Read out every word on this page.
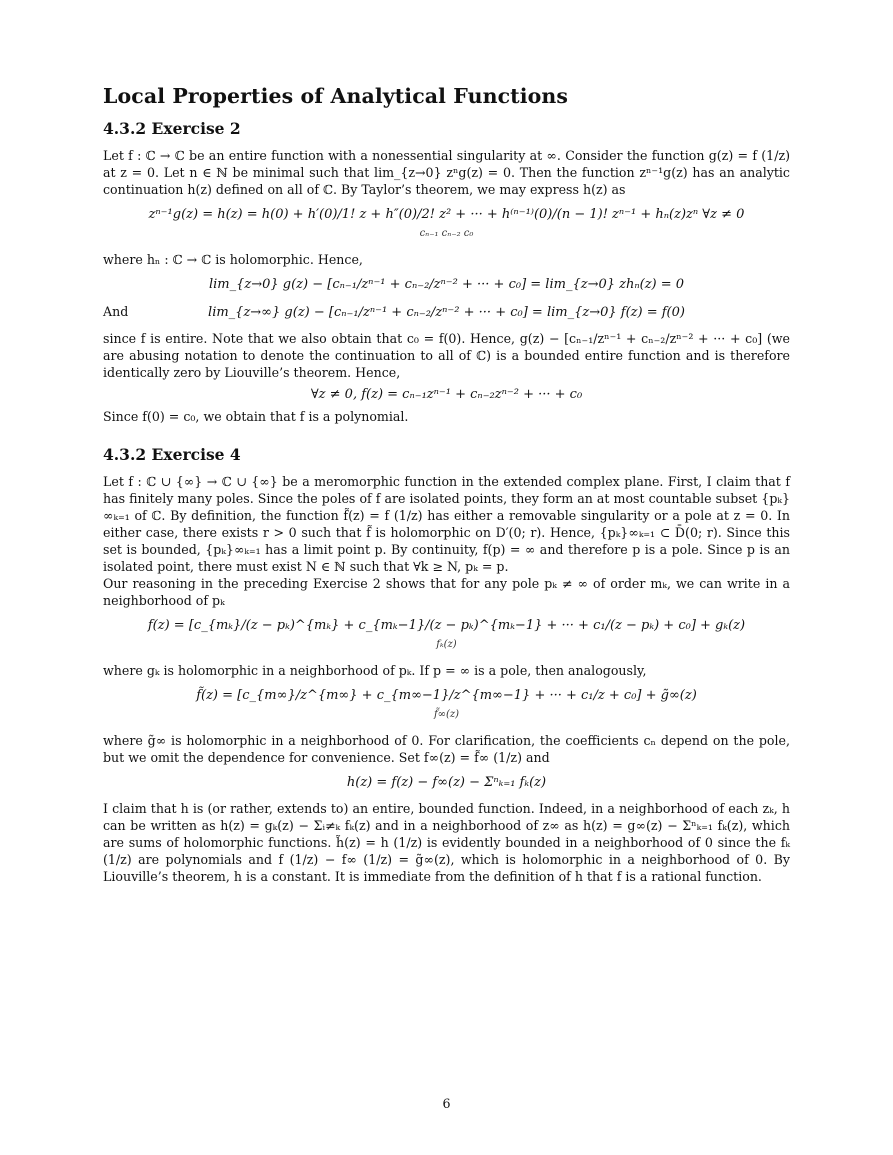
Local Properties of Analytical Functions
4.3.2 Exercise 2

Let f : ℂ → ℂ be an entire function with a nonessential singularity at ∞. Consider the function g(z) = f (1/z) at z = 0. Let n ∈ ℕ be minimal such that lim_{z→0} zⁿg(z) = 0. Then the function zⁿ⁻¹g(z) has an analytic continuation h(z) defined on all of ℂ. By Taylor’s theorem, we may express h(z) as

zⁿ⁻¹g(z) = h(z) = h(0) + h′(0)/1! z + h″(0)/2! z² + ··· + h⁽ⁿ⁻¹⁾(0)/(n − 1)! zⁿ⁻¹ + hₙ(z)zⁿ ∀z ≠ 0
cₙ₋₁ cₙ₋₂ c₀

where hₙ : ℂ → ℂ is holomorphic. Hence,

lim_{z→0} g(z) − [cₙ₋₁/zⁿ⁻¹ + cₙ₋₂/zⁿ⁻² + ··· + c₀] = lim_{z→0} zhₙ(z) = 0
And	lim_{z→∞} g(z) − [cₙ₋₁/zⁿ⁻¹ + cₙ₋₂/zⁿ⁻² + ··· + c₀] = lim_{z→0} f(z) = f(0)

since f is entire. Note that we also obtain that c₀ = f(0). Hence, g(z) − [cₙ₋₁/zⁿ⁻¹ + cₙ₋₂/zⁿ⁻² + ··· + c₀] (we are abusing notation to denote the continuation to all of ℂ) is a bounded entire function and is therefore identically zero by Liouville’s theorem. Hence,

∀z ≠ 0, f(z) = cₙ₋₁zⁿ⁻¹ + cₙ₋₂zⁿ⁻² + ··· + c₀

Since f(0) = c₀, we obtain that f is a polynomial.

4.3.2 Exercise 4

Let f : ℂ ∪ {∞} → ℂ ∪ {∞} be a meromorphic function in the extended complex plane. First, I claim that f has finitely many poles. Since the poles of f are isolated points, they form an at most countable subset {pₖ}∞ₖ₌₁ of ℂ. By definition, the function f̃(z) = f (1/z) has either a removable singularity or a pole at z = 0. In either case, there exists r > 0 such that f̃ is holomorphic on D′(0; r). Hence, {pₖ}∞ₖ₌₁ ⊂ D̄(0; r). Since this set is bounded, {pₖ}∞ₖ₌₁ has a limit point p. By continuity, f(p) = ∞ and therefore p is a pole. Since p is an isolated point, there must exist N ∈ ℕ such that ∀k ≥ N, pₖ = p.

Our reasoning in the preceding Exercise 2 shows that for any pole pₖ ≠ ∞ of order mₖ, we can write in a neighborhood of pₖ

f(z) = [c_{mₖ}/(z − pₖ)^{mₖ} + c_{mₖ−1}/(z − pₖ)^{mₖ−1} + ··· + c₁/(z − pₖ) + c₀] + gₖ(z)
fₖ(z)

where gₖ is holomorphic in a neighborhood of pₖ. If p = ∞ is a pole, then analogously,

f̃(z) = [c_{m∞}/z^{m∞} + c_{m∞−1}/z^{m∞−1} + ··· + c₁/z + c₀] + g̃∞(z)
f̃∞(z)

where g̃∞ is holomorphic in a neighborhood of 0. For clarification, the coefficients cₙ depend on the pole, but we omit the dependence for convenience. Set f∞(z) = f̃∞ (1/z) and

h(z) = f(z) − f∞(z) − Σⁿₖ₌₁ fₖ(z)

I claim that h is (or rather, extends to) an entire, bounded function. Indeed, in a neighborhood of each zₖ, h can be written as h(z) = gₖ(z) − Σᵢ≠ₖ fₖ(z) and in a neighborhood of z∞ as h(z) = g∞(z) − Σⁿₖ₌₁ fₖ(z), which are sums of holomorphic functions. h̃(z) = h (1/z) is evidently bounded in a neighborhood of 0 since the fₖ (1/z) are polynomials and f (1/z) − f∞ (1/z) = g̃∞(z), which is holomorphic in a neighborhood of 0. By Liouville’s theorem, h is a constant. It is immediate from the definition of h that f is a rational function.

6
